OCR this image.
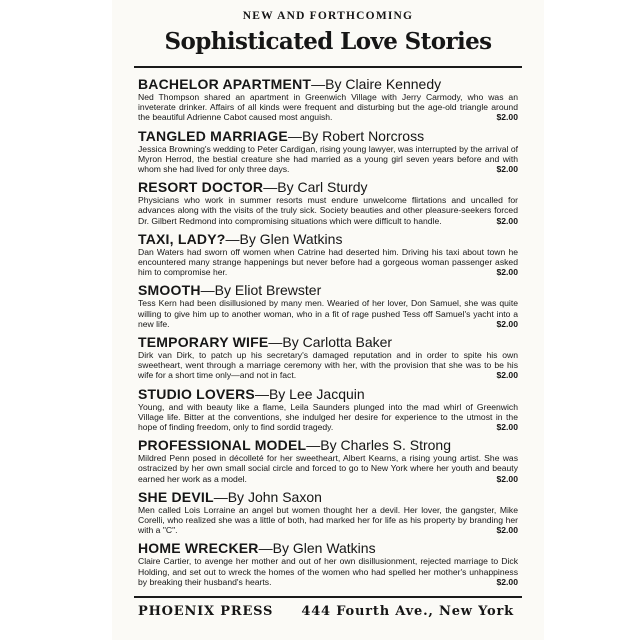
NEW AND FORTHCOMING
Sophisticated Love Stories
BACHELOR APARTMENT—By Claire Kennedy
Ned Thompson shared an apartment in Greenwich Village with Jerry Carmody, who was an inveterate drinker. Affairs of all kinds were frequent and disturbing but the age-old triangle around the beautiful Adrienne Cabot caused most anguish.	$2.00
TANGLED MARRIAGE—By Robert Norcross
Jessica Browning's wedding to Peter Cardigan, rising young lawyer, was interrupted by the arrival of Myron Herrod, the bestial creature she had married as a young girl seven years before and with whom she had lived for only three days.	$2.00
RESORT DOCTOR—By Carl Sturdy
Physicians who work in summer resorts must endure unwelcome flirtations and uncalled for advances along with the visits of the truly sick. Society beauties and other pleasure-seekers forced Dr. Gilbert Redmond into compromising situations which were difficult to handle.	$2.00
TAXI, LADY?—By Glen Watkins
Dan Waters had sworn off women when Catrine had deserted him. Driving his taxi about town he encountered many strange happenings but never before had a gorgeous woman passenger asked him to compromise her.	$2.00
SMOOTH—By Eliot Brewster
Tess Kern had been disillusioned by many men. Wearied of her lover, Don Samuel, she was quite willing to give him up to another woman, who in a fit of rage pushed Tess off Samuel's yacht into a new life.	$2.00
TEMPORARY WIFE—By Carlotta Baker
Dirk van Dirk, to patch up his secretary's damaged reputation and in order to spite his own sweetheart, went through a marriage ceremony with her, with the provision that she was to be his wife for a short time only—and not in fact.	$2.00
STUDIO LOVERS—By Lee Jacquin
Young, and with beauty like a flame, Leila Saunders plunged into the mad whirl of Greenwich Village life. Bitter at the conventions, she indulged her desire for experience to the utmost in the hope of finding freedom, only to find sordid tragedy.	$2.00
PROFESSIONAL MODEL—By Charles S. Strong
Mildred Penn posed in décolleté for her sweetheart, Albert Kearns, a rising young artist. She was ostracized by her own small social circle and forced to go to New York where her youth and beauty earned her work as a model.	$2.00
SHE DEVIL—By John Saxon
Men called Lois Lorraine an angel but women thought her a devil. Her lover, the gangster, Mike Corelli, who realized she was a little of both, had marked her for life as his property by branding her with a "C".	$2.00
HOME WRECKER—By Glen Watkins
Claire Cartier, to avenge her mother and out of her own disillusionment, rejected marriage to Dick Holding, and set out to wreck the homes of the women who had spelled her mother's unhappiness by breaking their husband's hearts.	$2.00
PHOENIX PRESS 444 Fourth Ave., New York
